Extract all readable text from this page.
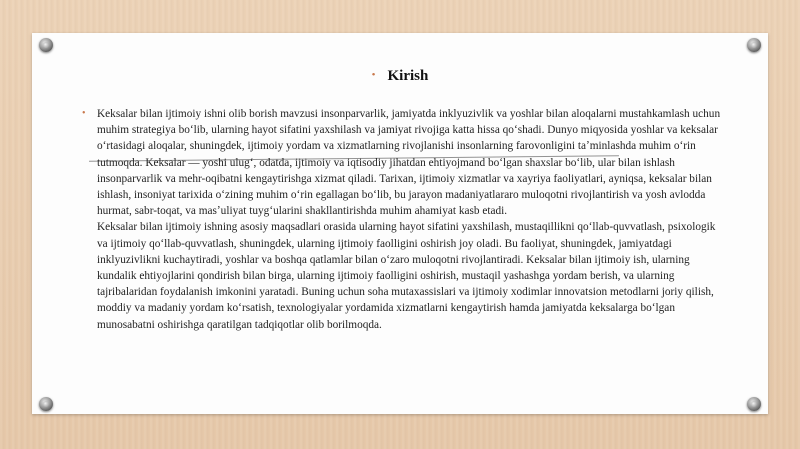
• Kirish
• Keksalar bilan ijtimoiy ishni olib borish mavzusi insonparvarlik, jamiyatda inklyuzivlik va yoshlar bilan aloqalarni mustahkamlash uchun muhim strategiya boʻlib, ularning hayot sifatini yaxshilash va jamiyat rivojiga katta hissa qoʻshadi. Dunyo miqyosida yoshlar va keksalar oʻrtasidagi aloqalar, shuningdek, ijtimoiy yordam va xizmatlarning rivojlanishi insonlarning farovonligini taʼminlashda muhim oʻrin tutmoqda. Keksalar — yoshi ulugʻ, odatda, ijtimoiy va iqtisodiy jihatdan ehtiyojmand boʻlgan shaxslar boʻlib, ular bilan ishlash insonparvarlik va mehr-oqibatni kengaytirishga xizmat qiladi. Tarixan, ijtimoiy xizmatlar va xayriya faoliyatlari, ayniqsa, keksalar bilan ishlash, insoniyat tarixida oʻzining muhim oʻrin egallagan boʻlib, bu jarayon madaniyatlararo muloqotni rivojlantirish va yosh avlodda hurmat, sabr-toqat, va masʼuliyat tuygʻularini shakllantirishda muhim ahamiyat kasb etadi.

Keksalar bilan ijtimoiy ishning asosiy maqsadlari orasida ularning hayot sifatini yaxshilash, mustaqillikni qoʻllab-quvvatlash, psixologik va ijtimoiy qoʻllab-quvvatlash, shuningdek, ularning ijtimoiy faolligini oshirish joy oladi. Bu faoliyat, shuningdek, jamiyatdagi inklyuzivlikni kuchaytiradi, yoshlar va boshqa qatlamlar bilan oʻzaro muloqotni rivojlantiradi. Keksalar bilan ijtimoiy ish, ularning kundalik ehtiyojlarini qondirish bilan birga, ularning ijtimoiy faolligini oshirish, mustaqil yashashga yordam berish, va ularning tajribalaridan foydalanish imkonini yaratadi. Buning uchun soha mutaxassislari va ijtimoiy xodimlar innovatsion metodlarni joriy qilish, moddiy va madaniy yordam koʻrsatish, texnologiyalar yordamida xizmatlarni kengaytirish hamda jamiyatda keksalarga boʻlgan munosabatni oshirishga qaratilgan tadqiqotlar olib borilmoqda.
